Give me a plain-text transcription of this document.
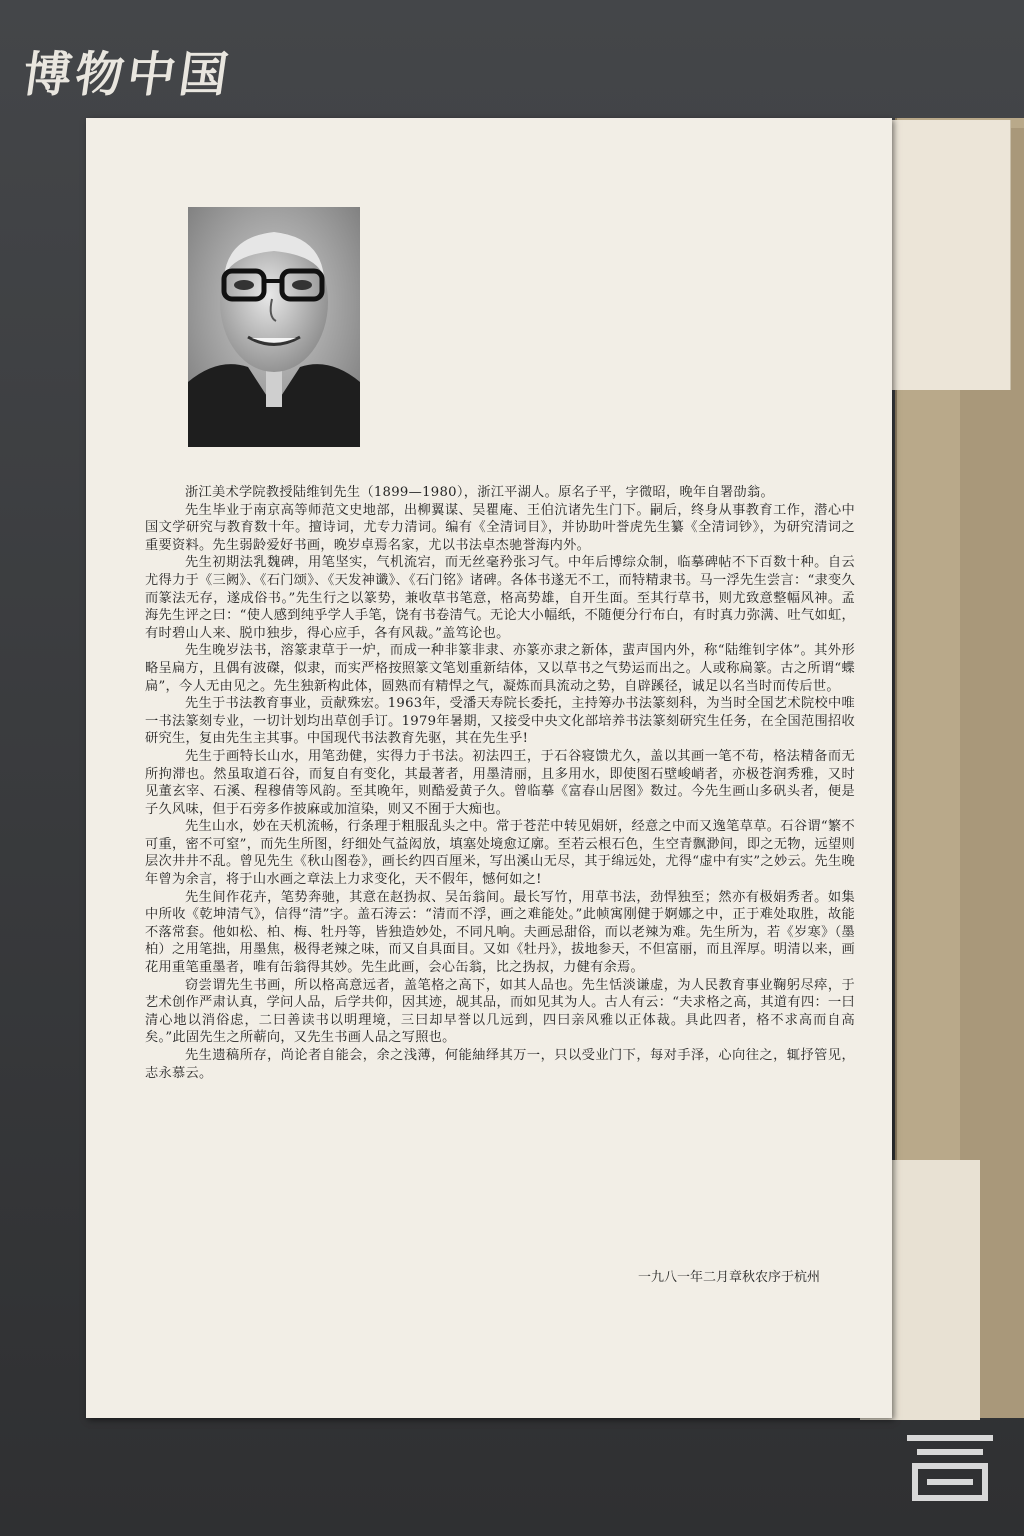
博物中国

浙江美术学院教授陆维钊先生（1899—1980），浙江平湖人。原名子平，字微昭，晚年自署劭翁。

先生毕业于南京高等师范文史地部，出柳翼谋、吴瞿庵、王伯沆诸先生门下。嗣后，终身从事教育工作，潜心中国文学研究与教育数十年。擅诗词，尤专力清词。编有《全清词目》，并协助叶誉虎先生纂《全清词钞》，为研究清词之重要资料。先生弱龄爱好书画，晚岁卓焉名家，尤以书法卓杰驰誉海内外。

先生初期法乳魏碑，用笔坚实，气机流宕，而无丝毫矜张习气。中年后博综众制，临摹碑帖不下百数十种。自云尤得力于《三阙》、《石门颂》、《天发神谶》、《石门铭》诸碑。各体书遂无不工，而特精隶书。马一浮先生尝言：“隶变久而篆法无存，遂成俗书。”先生行之以篆势，兼收草书笔意，格高势雄，自开生面。至其行草书，则尤致意整幅风神。孟海先生评之曰：“使人感到纯乎学人手笔，饶有书卷清气。无论大小幅纸，不随便分行布白，有时真力弥满、吐气如虹，有时碧山人来、脱巾独步，得心应手，各有风裁。”盖笃论也。

先生晚岁法书，溶篆隶草于一炉，而成一种非篆非隶、亦篆亦隶之新体，蜚声国内外，称“陆维钊字体”。其外形略呈扁方，且偶有波磔，似隶，而实严格按照篆文笔划重新结体，又以草书之气势运而出之。人或称扁篆。古之所谓“蝶扁”，今人无由见之。先生独新构此体，圆熟而有精悍之气，凝炼而具流动之势，自辟蹊径，诚足以名当时而传后世。

先生于书法教育事业，贡献殊宏。1963年，受潘天寿院长委托，主持筹办书法篆刻科，为当时全国艺术院校中唯一书法篆刻专业，一切计划均出草创手订。1979年暑期，又接受中央文化部培养书法篆刻研究生任务，在全国范围招收研究生，复由先生主其事。中国现代书法教育先驱，其在先生乎!

先生于画特长山水，用笔劲健，实得力于书法。初法四王，于石谷寝馈尤久，盖以其画一笔不苟，格法精备而无所拘滞也。然虽取道石谷，而复自有变化，其最著者，用墨清丽，且多用水，即使图石壁峻峭者，亦极苍润秀雅，又时见董玄宰、石溪、程穆倩等风韵。至其晚年，则酷爱黄子久。曾临摹《富春山居图》数过。今先生画山多矾头者，便是子久风味，但于石旁多作披麻或加渲染，则又不囿于大痴也。

先生山水，妙在天机流畅，行条理于粗服乱头之中。常于苍茫中转见娟妍，经意之中而又逸笔草草。石谷谓“繁不可重，密不可窒”，而先生所图，纡细处气益闳放，填塞处境愈辽廓。至若云根石色，生空青飘渺间，即之无物，远望则层次井井不乱。曾见先生《秋山图卷》，画长约四百厘米，写出溪山无尽，其于绵远处，尤得“虚中有实”之妙云。先生晚年曾为余言，将于山水画之章法上力求变化，天不假年，憾何如之!

先生间作花卉，笔势奔驰，其意在赵㧑叔、吴缶翁间。最长写竹，用草书法，劲悍独至；然亦有极娟秀者。如集中所收《乾坤清气》，信得“清”字。盖石涛云：“清而不浮，画之难能处。”此帧寓刚健于婀娜之中，正于难处取胜，故能不落常套。他如松、柏、梅、牡丹等，皆独造妙处，不同凡响。夫画忌甜俗，而以老辣为难。先生所为，若《岁寒》（墨柏）之用笔拙，用墨焦，极得老辣之味，而又自具面目。又如《牡丹》，拔地参天，不但富丽，而且浑厚。明清以来，画花用重笔重墨者，唯有缶翁得其妙。先生此画，会心缶翁，比之㧑叔，力健有余焉。

窃尝谓先生书画，所以格高意远者，盖笔格之高下，如其人品也。先生恬淡谦虚，为人民教育事业鞠躬尽瘁，于艺术创作严肃认真，学问人品，后学共仰，因其迹，觇其品，而如见其为人。古人有云：“夫求格之高，其道有四：一曰清心地以消俗虑，二曰善读书以明理境，三曰却早誉以几远到，四曰亲风雅以正体裁。具此四者，格不求高而自高矣。”此固先生之所蕲向，又先生书画人品之写照也。

先生遗稿所存，尚论者自能会，余之浅薄，何能紬绎其万一，只以受业门下，每对手泽，心向往之，辄抒管见，志永慕云。

一九八一年二月章秋农序于杭州
